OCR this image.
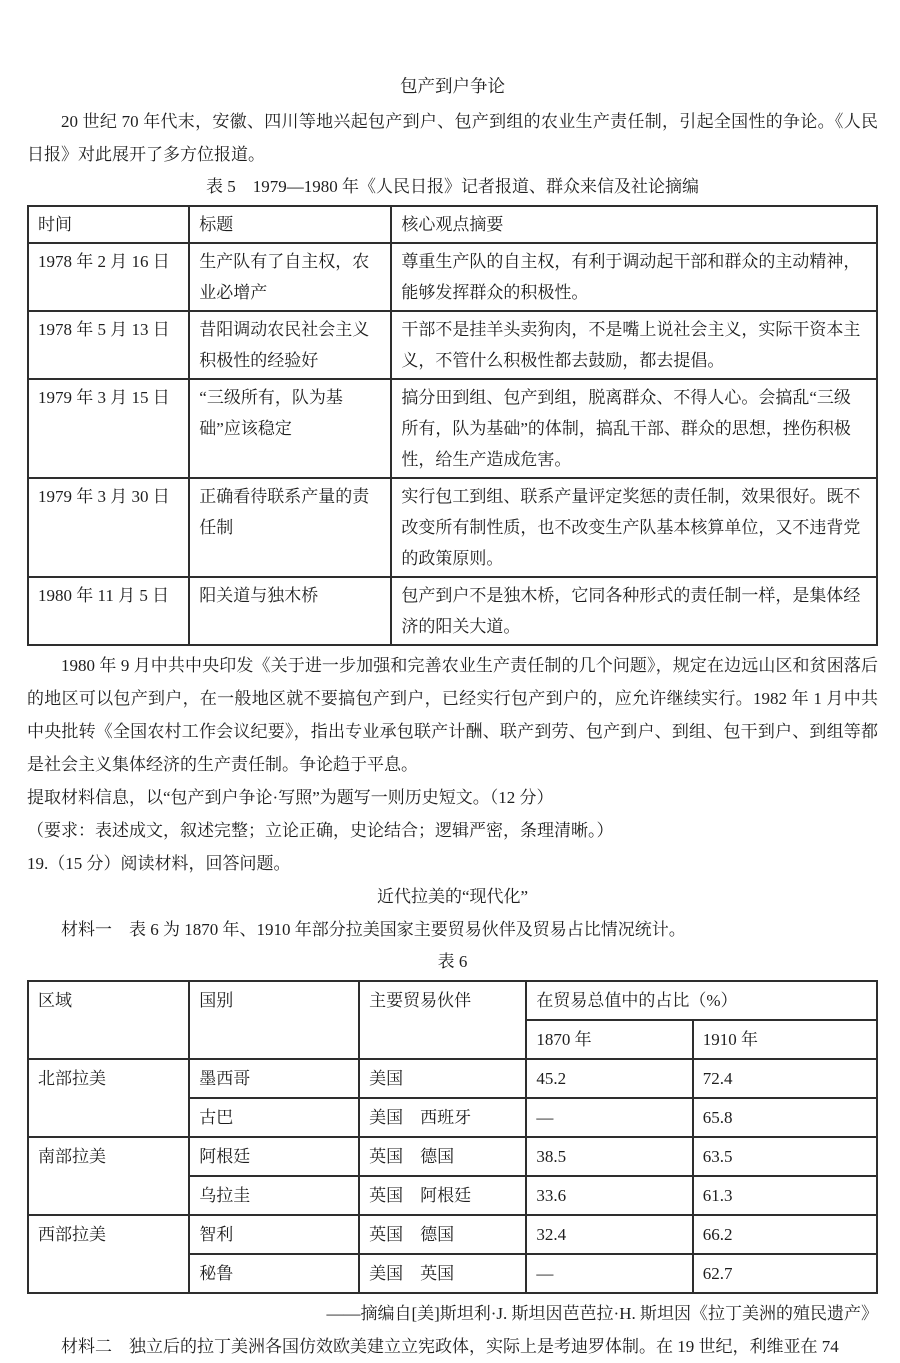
包产到户争论

20 世纪 70 年代末，安徽、四川等地兴起包产到户、包产到组的农业生产责任制，引起全国性的争论。《人民日报》对此展开了多方位报道。

表 5　1979—1980 年《人民日报》记者报道、群众来信及社论摘编
时间	标题	核心观点摘要
1978 年 2 月 16 日	生产队有了自主权，农业必增产	尊重生产队的自主权，有利于调动起干部和群众的主动精神，能够发挥群众的积极性。
1978 年 5 月 13 日	昔阳调动农民社会主义积极性的经验好	干部不是挂羊头卖狗肉，不是嘴上说社会主义，实际干资本主义，不管什么积极性都去鼓励，都去提倡。
1979 年 3 月 15 日	“三级所有，队为基础”应该稳定	搞分田到组、包产到组，脱离群众、不得人心。会搞乱“三级所有，队为基础”的体制，搞乱干部、群众的思想，挫伤积极性，给生产造成危害。
1979 年 3 月 30 日	正确看待联系产量的责任制	实行包工到组、联系产量评定奖惩的责任制，效果很好。既不改变所有制性质，也不改变生产队基本核算单位，又不违背党的政策原则。
1980 年 11 月 5 日	阳关道与独木桥	包产到户不是独木桥，它同各种形式的责任制一样，是集体经济的阳关大道。

1980 年 9 月中共中央印发《关于进一步加强和完善农业生产责任制的几个问题》，规定在边远山区和贫困落后的地区可以包产到户，在一般地区就不要搞包产到户，已经实行包产到户的，应允许继续实行。1982 年 1 月中共中央批转《全国农村工作会议纪要》，指出专业承包联产计酬、联产到劳、包产到户、到组、包干到户、到组等都是社会主义集体经济的生产责任制。争论趋于平息。

提取材料信息，以“包产到户争论·写照”为题写一则历史短文。（12 分）

（要求：表述成文，叙述完整；立论正确，史论结合；逻辑严密，条理清晰。）

19.（15 分）阅读材料，回答问题。

近代拉美的“现代化”

材料一　表 6 为 1870 年、1910 年部分拉美国家主要贸易伙伴及贸易占比情况统计。

表 6
区域	国别	主要贸易伙伴	在贸易总值中的占比（%）	
			1870 年	1910 年
北部拉美	墨西哥	美国	45.2	72.4
	古巴	美国　西班牙	—	65.8
南部拉美	阿根廷	英国　德国	38.5	63.5
	乌拉圭	英国　阿根廷	33.6	61.3
西部拉美	智利	英国　德国	32.4	66.2
	秘鲁	美国　英国	—	62.7

——摘编自[美]斯坦利·J. 斯坦因芭芭拉·H. 斯坦因《拉丁美洲的殖民遗产》

材料二　独立后的拉丁美洲各国仿效欧美建立立宪政体，实际上是考迪罗体制。在 19 世纪，利维亚在 74
